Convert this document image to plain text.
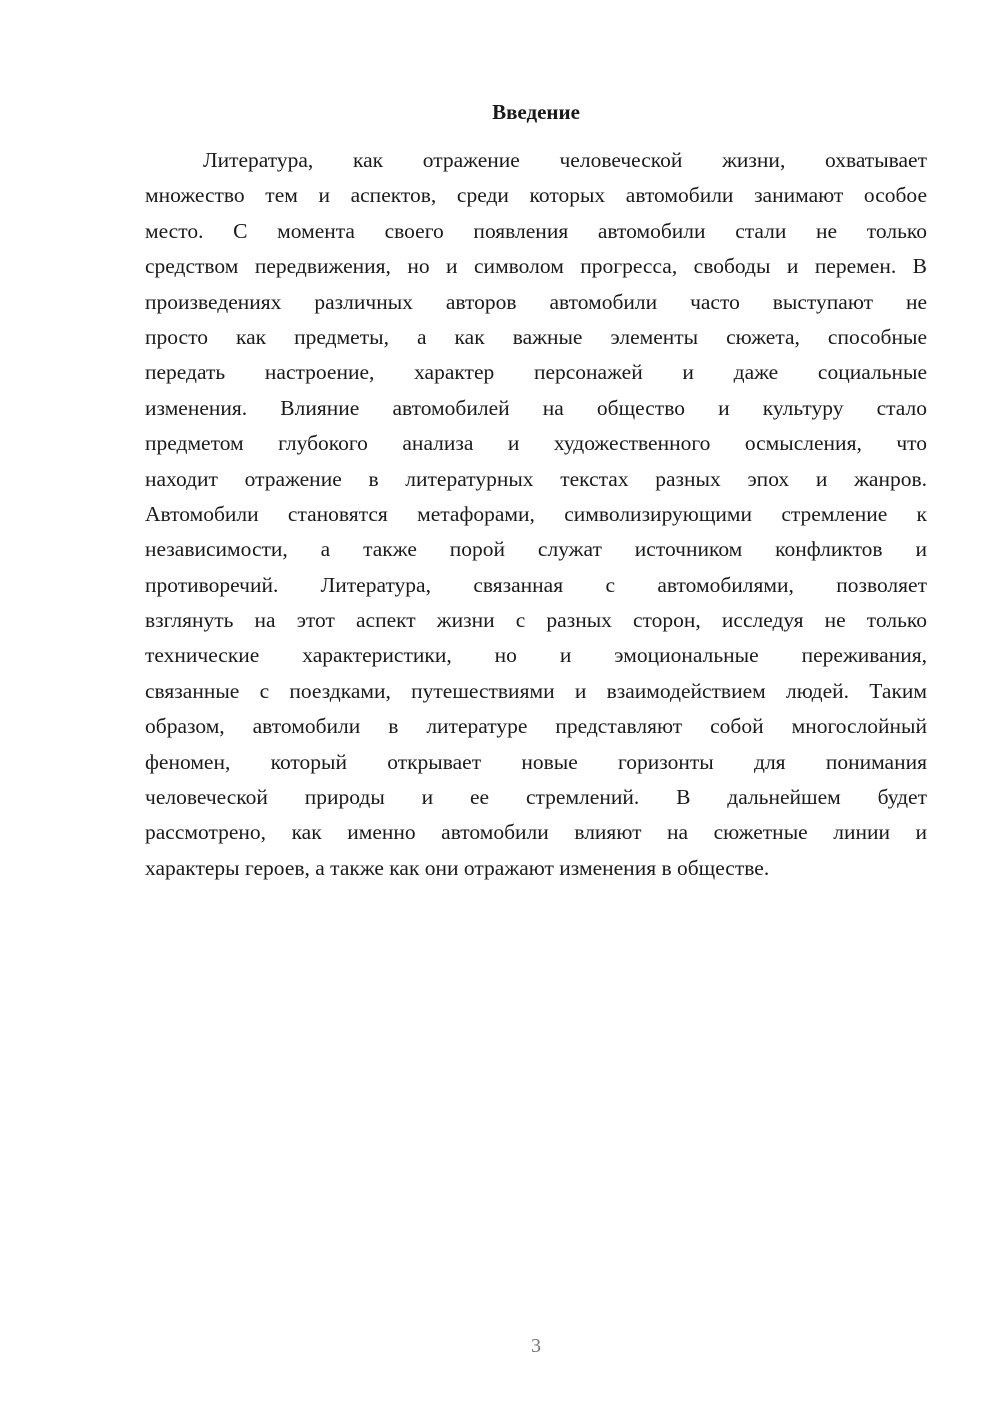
Введение
Литература, как отражение человеческой жизни, охватывает
множество тем и аспектов, среди которых автомобили занимают особое
место. С момента своего появления автомобили стали не только
средством передвижения, но и символом прогресса, свободы и перемен. В
произведениях различных авторов автомобили часто выступают не
просто как предметы, а как важные элементы сюжета, способные
передать настроение, характер персонажей и даже социальные
изменения. Влияние автомобилей на общество и культуру стало
предметом глубокого анализа и художественного осмысления, что
находит отражение в литературных текстах разных эпох и жанров.
Автомобили становятся метафорами, символизирующими стремление к
независимости, а также порой служат источником конфликтов и
противоречий. Литература, связанная с автомобилями, позволяет
взглянуть на этот аспект жизни с разных сторон, исследуя не только
технические характеристики, но и эмоциональные переживания,
связанные с поездками, путешествиями и взаимодействием людей. Таким
образом, автомобили в литературе представляют собой многослойный
феномен, который открывает новые горизонты для понимания
человеческой природы и ее стремлений. В дальнейшем будет
рассмотрено, как именно автомобили влияют на сюжетные линии и
характеры героев, а также как они отражают изменения в обществе.

3
